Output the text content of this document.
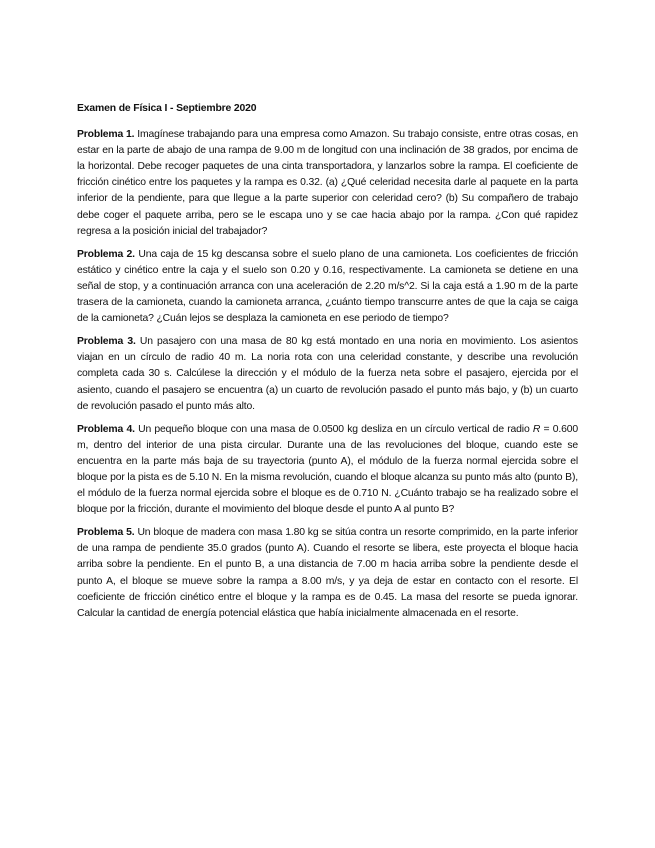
Examen de Física I - Septiembre 2020

Problema 1. Imagínese trabajando para una empresa como Amazon. Su trabajo consiste, entre otras cosas, en estar en la parte de abajo de una rampa de 9.00 m de longitud con una inclinación de 38 grados, por encima de la horizontal. Debe recoger paquetes de una cinta transportadora, y lanzarlos sobre la rampa. El coeficiente de fricción cinético entre los paquetes y la rampa es 0.32. (a) ¿Qué celeridad necesita darle al paquete en la parta inferior de la pendiente, para que llegue a la parte superior con celeridad cero? (b) Su compañero de trabajo debe coger el paquete arriba, pero se le escapa uno y se cae hacia abajo por la rampa. ¿Con qué rapidez regresa a la posición inicial del trabajador?

Problema 2. Una caja de 15 kg descansa sobre el suelo plano de una camioneta. Los coeficientes de fricción estático y cinético entre la caja y el suelo son 0.20 y 0.16, respectivamente. La camioneta se detiene en una señal de stop, y a continuación arranca con una aceleración de 2.20 m/s^2. Si la caja está a 1.90 m de la parte trasera de la camioneta, cuando la camioneta arranca, ¿cuánto tiempo transcurre antes de que la caja se caiga de la camioneta? ¿Cuán lejos se desplaza la camioneta en ese periodo de tiempo?

Problema 3. Un pasajero con una masa de 80 kg está montado en una noria en movimiento. Los asientos viajan en un círculo de radio 40 m. La noria rota con una celeridad constante, y describe una revolución completa cada 30 s. Calcúlese la dirección y el módulo de la fuerza neta sobre el pasajero, ejercida por el asiento, cuando el pasajero se encuentra (a) un cuarto de revolución pasado el punto más bajo, y (b) un cuarto de revolución pasado el punto más alto.

Problema 4. Un pequeño bloque con una masa de 0.0500 kg desliza en un círculo vertical de radio R = 0.600 m, dentro del interior de una pista circular. Durante una de las revoluciones del bloque, cuando este se encuentra en la parte más baja de su trayectoria (punto A), el módulo de la fuerza normal ejercida sobre el bloque por la pista es de 5.10 N. En la misma revolución, cuando el bloque alcanza su punto más alto (punto B), el módulo de la fuerza normal ejercida sobre el bloque es de 0.710 N. ¿Cuánto trabajo se ha realizado sobre el bloque por la fricción, durante el movimiento del bloque desde el punto A al punto B?

Problema 5. Un bloque de madera con masa 1.80 kg se sitúa contra un resorte comprimido, en la parte inferior de una rampa de pendiente 35.0 grados (punto A). Cuando el resorte se libera, este proyecta el bloque hacia arriba sobre la pendiente. En el punto B, a una distancia de 7.00 m hacia arriba sobre la pendiente desde el punto A, el bloque se mueve sobre la rampa a 8.00 m/s, y ya deja de estar en contacto con el resorte. El coeficiente de fricción cinético entre el bloque y la rampa es de 0.45. La masa del resorte se pueda ignorar. Calcular la cantidad de energía potencial elástica que había inicialmente almacenada en el resorte.
